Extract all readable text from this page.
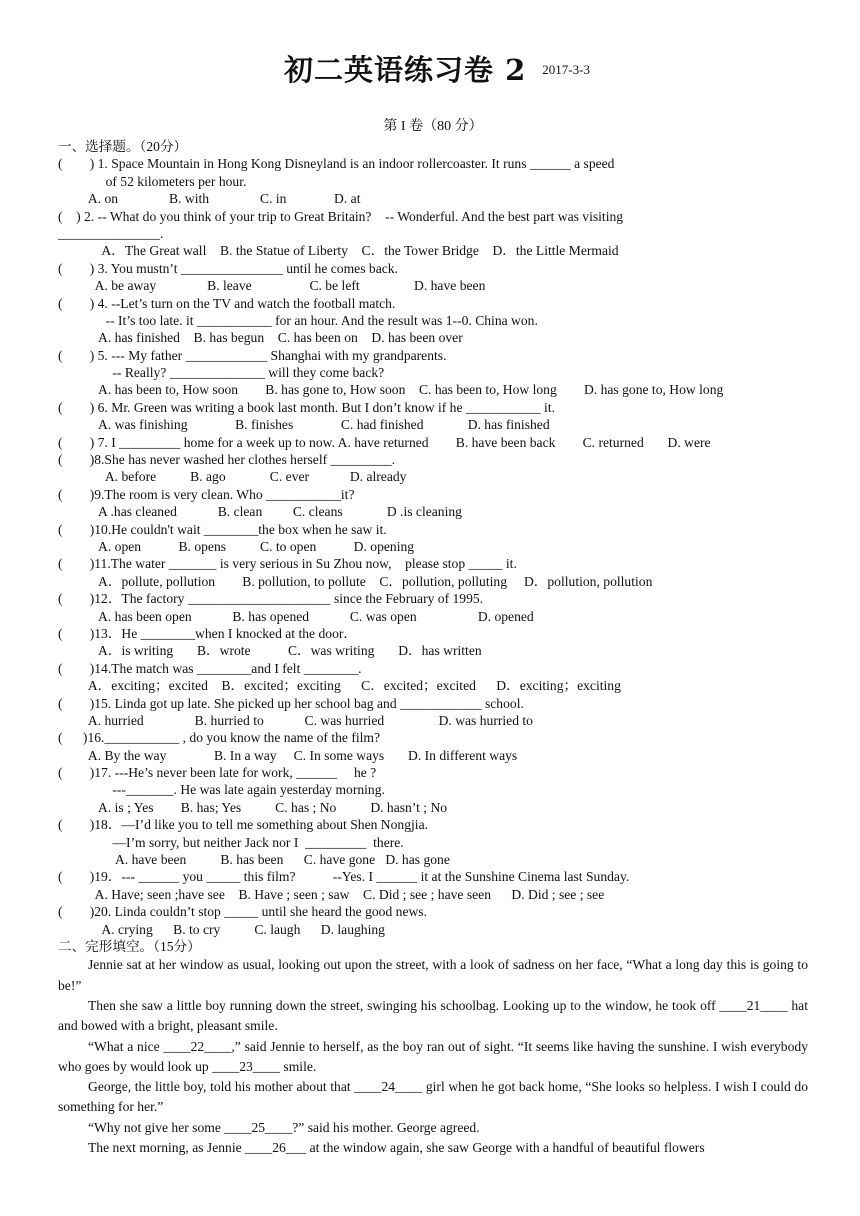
初二英语练习卷 2 2017-3-3
第 I 卷（80 分）
一、选择题。（20分）
(        ) 1. Space Mountain in Hong Kong Disneyland is an indoor rollercoaster. It runs ______ a speed
of 52 kilometers per hour.
A. on               B. with               C. in              D. at
(    ) 2. -- What do you think of your trip to Great Britain?    -- Wonderful. And the best part was visiting
_______________.
A．The Great wall    B. the Statue of Liberty    C．the Tower Bridge    D．the Little Mermaid
(        ) 3. You mustn’t _______________ until he comes back.
A. be away               B. leave                 C. be left                D. have been
(        ) 4. --Let’s turn on the TV and watch the football match.
-- It’s too late. it ___________ for an hour. And the result was 1--0. China won.
A. has finished    B. has begun    C. has been on    D. has been over
(        ) 5. --- My father ____________ Shanghai with my grandparents.
-- Really? ______________ will they come back?
A. has been to, How soon        B. has gone to, How soon    C. has been to, How long        D. has gone to, How long
(        ) 6. Mr. Green was writing a book last month. But I don’t know if he ___________ it.
A. was finishing              B. finishes              C. had finished             D. has finished
(        ) 7. I _________ home for a week up to now. A. have returned        B. have been back        C. returned       D. were
(        )8.She has never washed her clothes herself _________.
A. before          B. ago             C. ever            D. already
(        )9.The room is very clean. Who ___________it?
A .has cleaned            B. clean         C. cleans             D .is cleaning
(        )10.He couldn't wait ________the box when he saw it.
A. open           B. opens          C. to open           D. opening
(        )11.The water _______ is very serious in Su Zhou now,    please stop _____ it.
A．pollute, pollution        B. pollution, to pollute    C．pollution, polluting     D．pollution, pollution
(        )12．The factory _____________________ since the February of 1995.
A. has been open            B. has opened            C. was open                  D. opened
(        )13．He ________when I knocked at the door．
A．is writing       B．wrote           C．was writing       D．has written
(        )14.The match was ________and I felt ________.
A．exciting；excited    B．excited；exciting      C．excited；excited      D．exciting；exciting
(        )15. Linda got up late. She picked up her school bag and ____________ school.
A. hurried               B. hurried to            C. was hurried                D. was hurried to
(      )16.___________ , do you know the name of the film?
A. By the way              B. In a way     C. In some ways       D. In different ways
(        )17. ---He’s never been late for work, ______     he ?
---_______. He was late again yesterday morning.
A. is ; Yes        B. has; Yes          C. has ; No          D. hasn’t ; No
(        )18．—I’d like you to tell me something about Shen Nongjia.
—I’m sorry, but neither Jack nor I  _________  there.
A. have been          B. has been      C. have gone   D. has gone
(        )19．--- ______ you _____ this film?           --Yes. I ______ it at the Sunshine Cinema last Sunday.
A. Have; seen ;have see    B. Have ; seen ; saw    C. Did ; see ; have seen      D. Did ; see ; see
(        )20. Linda couldn’t stop _____ until she heard the good news.
A. crying      B. to cry          C. laugh      D. laughing
二、完形填空。（15分）

Jennie sat at her window as usual, looking out upon the street, with a look of sadness on her face, “What a long day this is going to be!”

Then she saw a little boy running down the street, swinging his schoolbag. Looking up to the window, he took off ____21____ hat and bowed with a bright, pleasant smile.

“What a nice ____22____,” said Jennie to herself, as the boy ran out of sight. “It seems like having the sunshine. I wish everybody who goes by would look up ____23____ smile.

George, the little boy, told his mother about that ____24____ girl when he got back home, “She looks so helpless. I wish I could do something for her.”

“Why not give her some ____25____?” said his mother. George agreed.

The next morning, as Jennie ____26___ at the window again, she saw George with a handful of beautiful flowers
